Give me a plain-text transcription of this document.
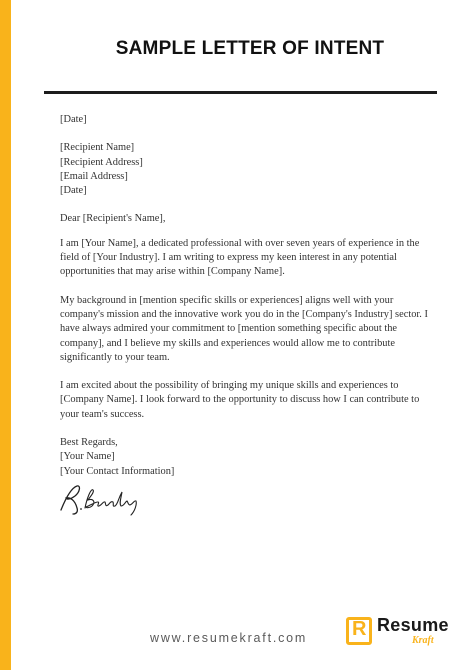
SAMPLE LETTER OF INTENT

[Date]

[Recipient Name]
[Recipient Address]
[Email Address]
[Date]

Dear [Recipient's Name],

I am [Your Name], a dedicated professional with over seven years of experience in the field of [Your Industry]. I am writing to express my keen interest in any potential opportunities that may arise within [Company Name].

My background in [mention specific skills or experiences] aligns well with your company's mission and the innovative work you do in the [Company's Industry] sector. I have always admired your commitment to [mention something specific about the company], and I believe my skills and experiences would allow me to contribute significantly to your team.

I am excited about the possibility of bringing my unique skills and experiences to [Company Name]. I look forward to the opportunity to discuss how I can contribute to your team's success.

Best Regards,
[Your Name]
[Your Contact Information]
www.resumekraft.com R Resume
Kraft
